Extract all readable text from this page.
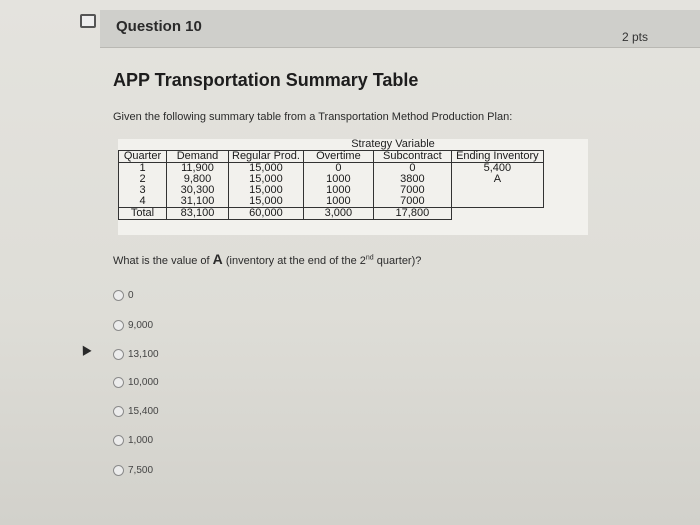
Question 10
2 pts
APP Transportation Summary Table
Given the following summary table from a Transportation Method Production Plan:
Strategy Variable
Quarter	Demand	Regular Prod.	Overtime	Subcontract	Ending Inventory
1	11,900	15,000	0	0	5,400
2	9,800	15,000	1000	3800	A
3	30,300	15,000	1000	7000	
4	31,100	15,000	1000	7000	
Total	83,100	60,000	3,000	17,800	
What is the value of A (inventory at the end of the 2nd quarter)?
0
9,000
13,100
10,000
15,400
1,000
7,500
